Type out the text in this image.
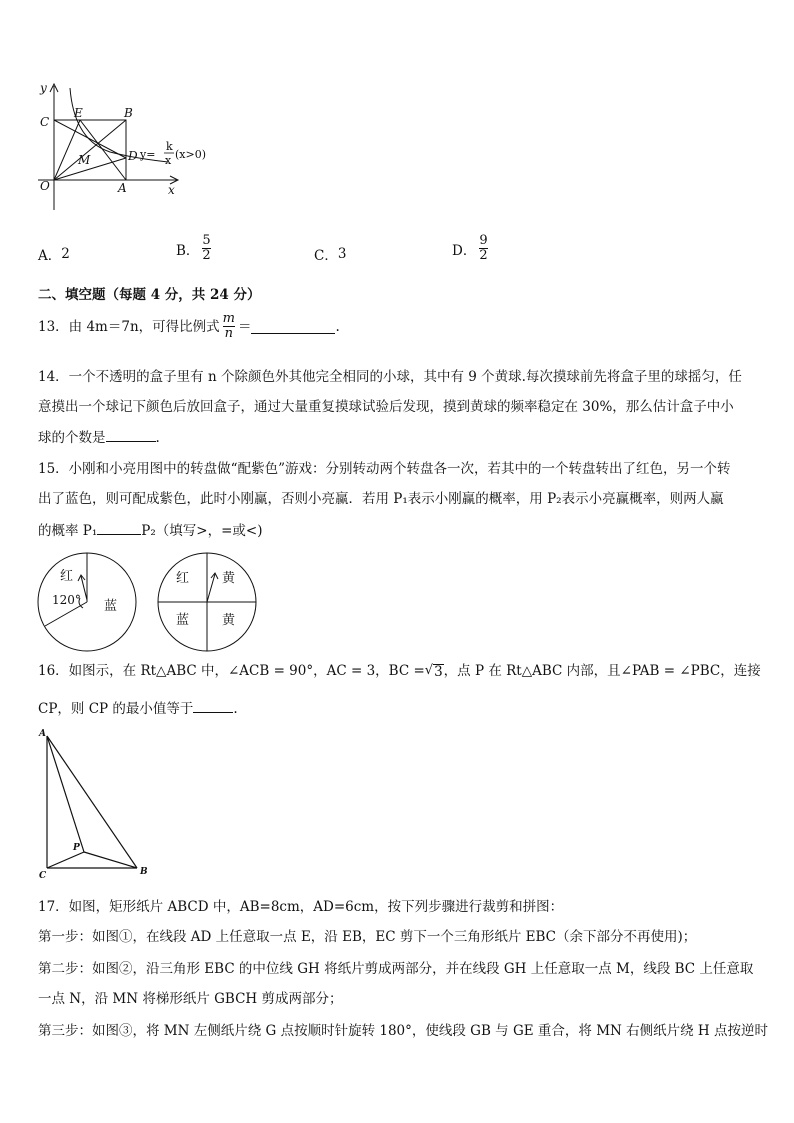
y
x
O
C
E	B
M	D
A
y=
k
x (x>0)
A． 2	B． $\frac{5}{2}$	C． 3	D． $\frac{9}{2}$
二、填空题（每题 4 分，共 24 分）
13．由 4m＝7n，可得比例式 $\frac{m}{n}$ ＝	.
14．一个不透明的盒子里有 n 个除颜色外其他完全相同的小球，其中有 9 个黄球.每次摸球前先将盒子里的球摇匀，任
意摸出一个球记下颜色后放回盒子，通过大量重复摸球试验后发现，摸到黄球的频率稳定在 30%，那么估计盒子中小
球的个数是	.
15．小刚和小亮用图中的转盘做“配紫色”游戏：分别转动两个转盘各一次，若其中的一个转盘转出了红色，另一个转
出了蓝色，则可配成紫色，此时小刚赢，否则小亮赢．若用 P₁表示小刚赢的概率，用 P₂表示小亮赢概率，则两人赢
的概率 P₁	P₂（填写>，=或<)
红
120° 蓝
红	黄
蓝	黄
16．如图示，在 Rt△ABC 中，∠ACB = 90°，AC = 3，BC = √ 3 ，点 P 在 Rt△ABC 内部，且∠PAB = ∠PBC，连接
CP，则 CP 的最小值等于	.
A
C	B
P
17．如图，矩形纸片 ABCD 中，AB=8cm，AD=6cm，按下列步骤进行裁剪和拼图：
第一步：如图①，在线段 AD 上任意取一点 E，沿 EB，EC 剪下一个三角形纸片 EBC（余下部分不再使用)；
第二步：如图②，沿三角形 EBC 的中位线 GH 将纸片剪成两部分，并在线段 GH 上任意取一点 M，线段 BC 上任意取
一点 N，沿 MN 将梯形纸片 GBCH 剪成两部分；
第三步：如图③，将 MN 左侧纸片绕 G 点按顺时针旋转 180°，使线段 GB 与 GE 重合，将 MN 右侧纸片绕 H 点按逆时
